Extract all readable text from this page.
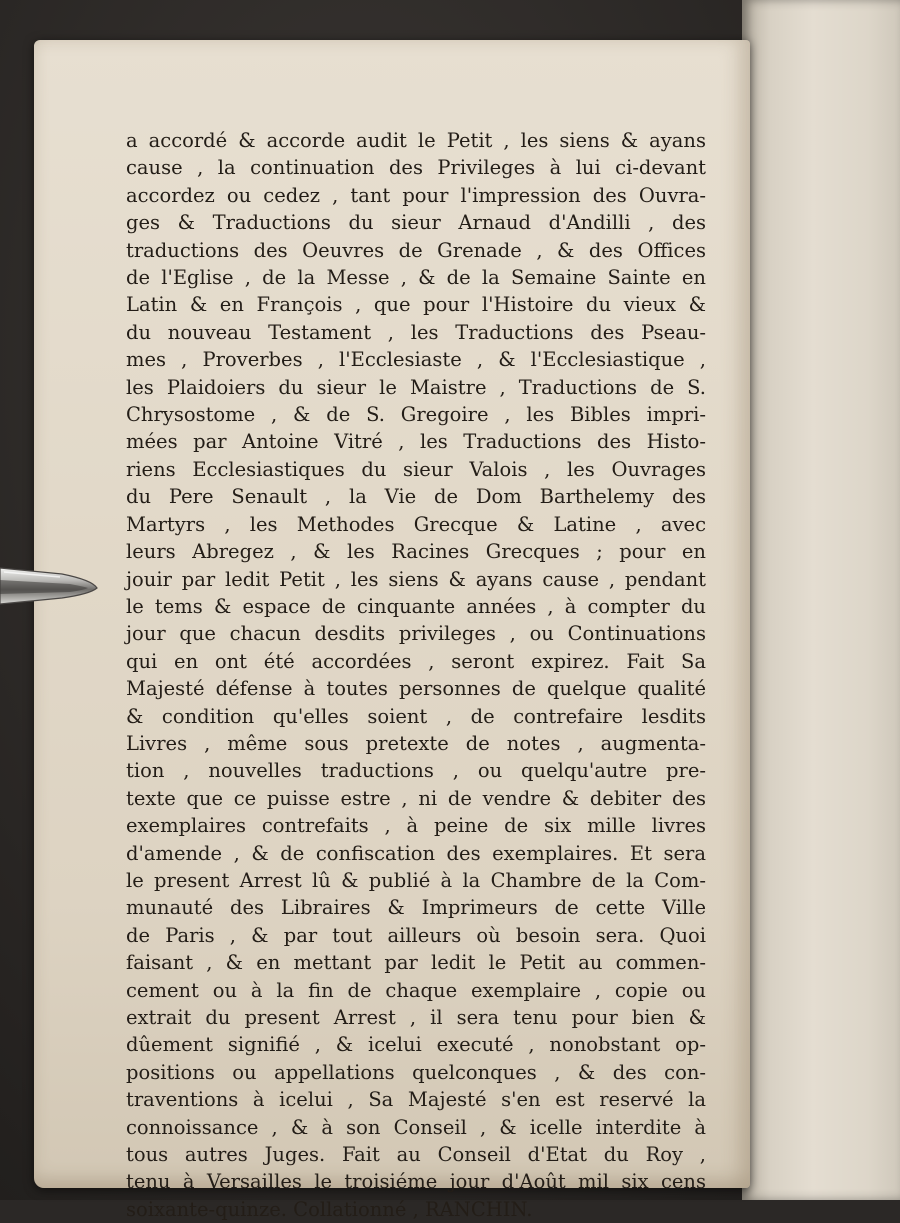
a accordé & accorde audit le Petit , les siens & ayans
cause , la continuation des Privileges à lui ci-devant
accordez ou cedez , tant pour l'impression des Ouvra-
ges & Traductions du sieur Arnaud d'Andilli , des
traductions des Oeuvres de Grenade , & des Offices
de l'Eglise , de la Messe , & de la Semaine Sainte en
Latin & en François , que pour l'Histoire du vieux &
du nouveau Testament , les Traductions des Pseau-
mes , Proverbes , l'Ecclesiaste , & l'Ecclesiastique ,
les Plaidoiers du sieur le Maistre , Traductions de S.
Chrysostome , & de S. Gregoire , les Bibles impri-
mées par Antoine Vitré , les Traductions des Histo-
riens Ecclesiastiques du sieur Valois , les Ouvrages
du Pere Senault , la Vie de Dom Barthelemy des
Martyrs , les Methodes Grecque & Latine , avec
leurs Abregez , & les Racines Grecques ; pour en
jouir par ledit Petit , les siens & ayans cause , pendant
le tems & espace de cinquante années , à compter du
jour que chacun desdits privileges , ou Continuations
qui en ont été accordées , seront expirez. Fait Sa
Majesté défense à toutes personnes de quelque qualité
& condition qu'elles soient , de contrefaire lesdits
Livres , même sous pretexte de notes , augmenta-
tion , nouvelles traductions , ou quelqu'autre pre-
texte que ce puisse estre , ni de vendre & debiter des
exemplaires contrefaits , à peine de six mille livres
d'amende , & de confiscation des exemplaires. Et sera
le present Arrest lû & publié à la Chambre de la Com-
munauté des Libraires & Imprimeurs de cette Ville
de Paris , & par tout ailleurs où besoin sera. Quoi
faisant , & en mettant par ledit le Petit au commen-
cement ou à la fin de chaque exemplaire , copie ou
extrait du present Arrest , il sera tenu pour bien &
dûement signifié , & icelui executé , nonobstant op-
positions ou appellations quelconques , & des con-
traventions à icelui , Sa Majesté s'en est reservé la
connoissance , & à son Conseil , & icelle interdite à
tous autres Juges. Fait au Conseil d'Etat du Roy ,
tenu à Versailles le troisiéme jour d'Août mil six cens
soixante-quinze. Collationné , RANCHIN.
